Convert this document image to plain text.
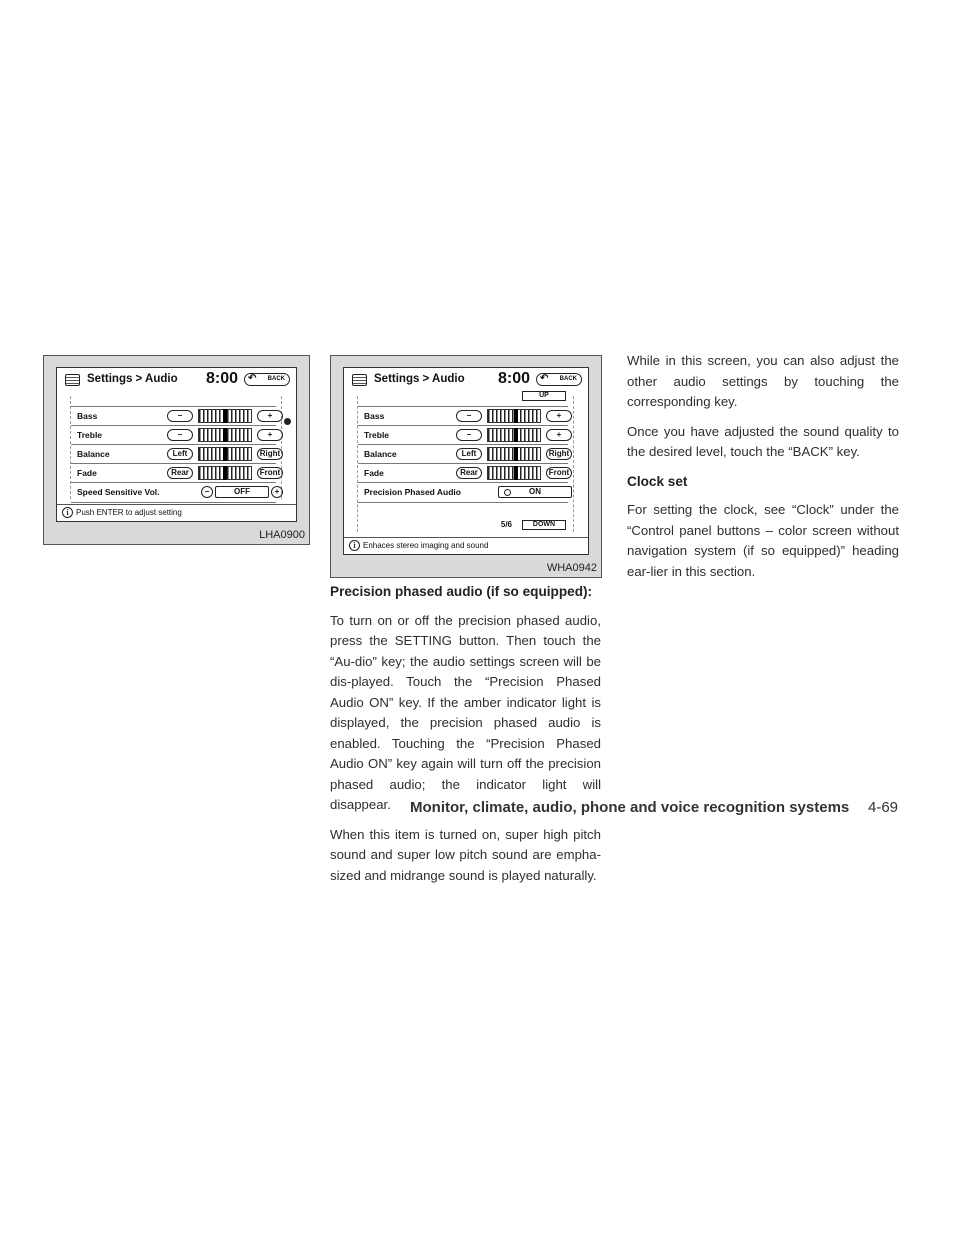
Settings > Audio 8:00 ↶ BACK
Bass	−	+
Treble	−	+
Balance	Left	Right
Fade	Rear	Front
Speed Sensitive Vol.	−	OFF	+
i Push ENTER to adjust setting
LHA0900
Settings > Audio 8:00 ↶ BACK
UP
Bass	−	+
Treble	−	+
Balance	Left	Right
Fade	Rear	Front
Precision Phased Audio	ON
5/6	DOWN
i Enhaces stereo imaging and sound
WHA0942
Precision phased audio (if so equipped):

To turn on or off the precision phased audio, press the SETTING button. Then touch the “Au-dio” key; the audio settings screen will be dis-played. Touch the “Precision Phased Audio ON” key. If the amber indicator light is displayed, the precision phased audio is enabled. Touching the “Precision Phased Audio ON” key again will turn off the precision phased audio; the indicator light will disappear.

When this item is turned on, super high pitch sound and super low pitch sound are empha-sized and midrange sound is played naturally.

While in this screen, you can also adjust the other audio settings by touching the corresponding key.

Once you have adjusted the sound quality to the desired level, touch the “BACK” key.

Clock set

For setting the clock, see “Clock” under the “Control panel buttons – color screen without navigation system (if so equipped)” heading ear-lier in this section.

Monitor, climate, audio, phone and voice recognition systems 4-69
